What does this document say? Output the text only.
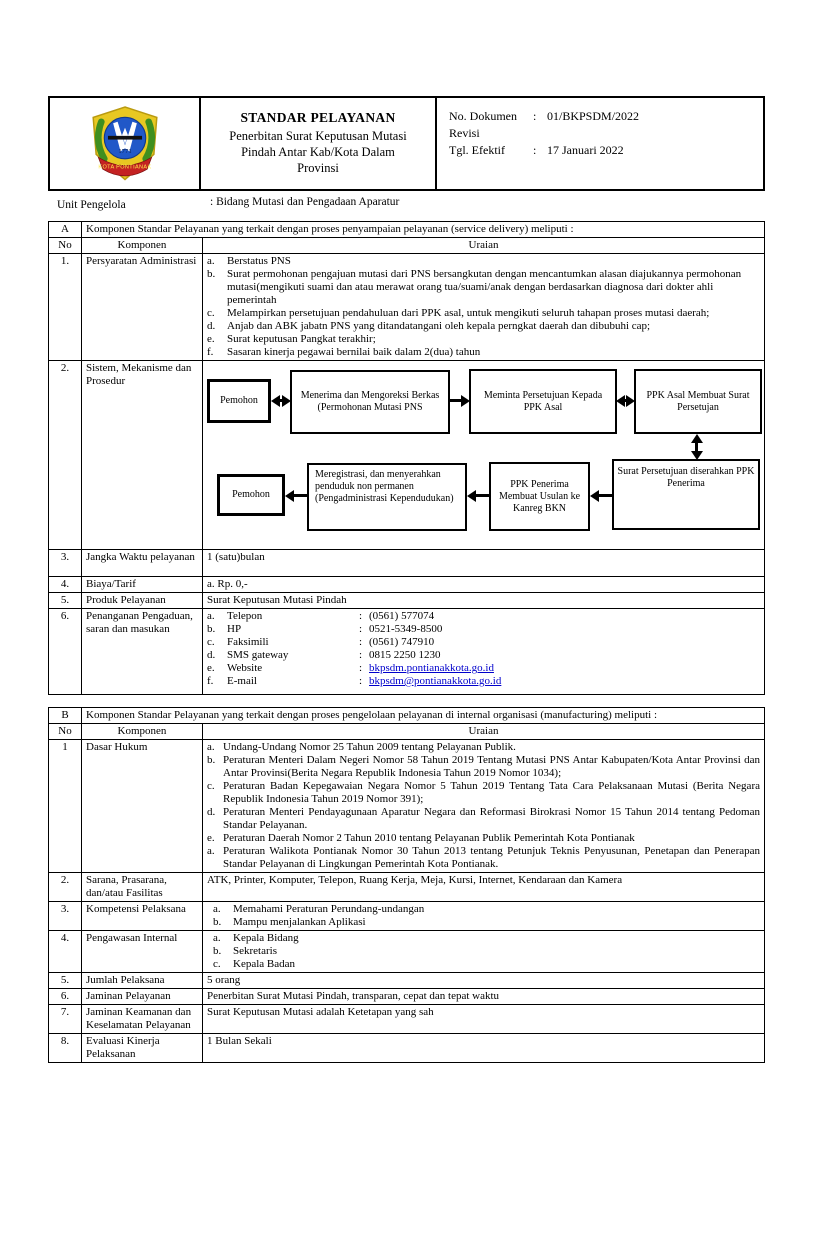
1771
KOTA PONTIANAK
STANDAR PELAYANAN
Penerbitan Surat Keputusan Mutasi Pindah Antar Kab/Kota Dalam Provinsi
No. Dokumen : 01/BKPSDM/2022
Revisi
Tgl. Efektif : 17 Januari 2022
Unit Pengelola	: Bidang Mutasi dan Pengadaan Aparatur
A	Komponen Standar Pelayanan yang terkait dengan proses penyampaian pelayanan (service delivery) meliputi :	
No	Komponen	Uraian
1.	Persyaratan Administrasi	a.	Berstatus PNS
b.	Surat permohonan pengajuan mutasi dari PNS bersangkutan dengan mencantumkan alasan diajukannya permohonan mutasi(mengikuti suami dan atau merawat orang tua/suami/anak dengan berdasarkan diagnosa dari dokter ahli pemerintah
c.	Melampirkan persetujuan pendahuluan dari PPK asal, untuk mengikuti seluruh tahapan proses mutasi daerah;
d.	Anjab dan ABK jabatn PNS yang ditandatangani oleh kepala perngkat daerah dan dibubuhi cap;
e.	Surat keputusan Pangkat terakhir;
f.	Sasaran kinerja pegawai bernilai baik dalam 2(dua) tahun

2.	Sistem, Mekanisme dan Prosedur	
Pemohon	Menerima dan Mengoreksi Berkas (Permohonan Mutasi PNS
Meminta Persetujuan Kepada PPK Asal
PPK Asal Membuat Surat Persetujan
Surat Persetujuan diserahkan PPK Penerima
PPK Penerima Membuat Usulan ke Kanreg BKN
Meregistrasi, dan menyerahkan penduduk non permanen (Pengadministrasi Kependudukan)
Pemohon

3.	Jangka Waktu pelayanan	1 (satu)bulan
4.	Biaya/Tarif	a. Rp. 0,-
5.	Produk Pelayanan	Surat Keputusan Mutasi Pindah
6.	Penanganan Pengaduan, saran dan masukan	
a.	Telepon	: (0561) 577074
b.	HP	: 0521-5349-8500
c.	Faksimili	: (0561) 747910
d.	SMS gateway	: 0815 2250 1230
e.	Website	: bkpsdm.pontianakkota.go.id
f.	E-mail	: bkpsdm@pontianakkota.go.id
B	Komponen Standar Pelayanan yang terkait dengan proses pengelolaan pelayanan di internal organisasi (manufacturing) meliputi :	
No	Komponen	Uraian
1	Dasar Hukum	a. Undang-Undang Nomor 25 Tahun 2009 tentang Pelayanan Publik.
b. Peraturan Menteri Dalam Negeri Nomor 58 Tahun 2019 Tentang Mutasi PNS Antar Kabupaten/Kota Antar Provinsi dan Antar Provinsi(Berita Negara Republik Indonesia Tahun 2019 Nomor 1034);
c. Peraturan Badan Kepegawaian Negara Nomor 5 Tahun 2019 Tentang Tata Cara Pelaksanaan Mutasi (Berita Negara Republik Indonesia Tahun 2019 Nomor 391);
d. Peraturan Menteri Pendayagunaan Aparatur Negara dan Reformasi Birokrasi Nomor 15 Tahun 2014 tentang Pedoman Standar Pelayanan.
e. Peraturan Daerah Nomor 2 Tahun 2010 tentang Pelayanan Publik Pemerintah Kota Pontianak
a. Peraturan Walikota Pontianak Nomor 30 Tahun 2013 tentang Petunjuk Teknis Penyusunan, Penetapan dan Penerapan Standar Pelayanan di Lingkungan Pemerintah Kota Pontianak.

2.	Sarana, Prasarana, dan/atau Fasilitas	ATK, Printer, Komputer, Telepon, Ruang Kerja, Meja, Kursi, Internet, Kendaraan dan Kamera
3.	Kompetensi Pelaksana	a. Memahami Peraturan Perundang-undangan
b. Mampu menjalankan Aplikasi

4.	Pengawasan Internal	a.	Kepala Bidang
b.	Sekretaris
c.	Kepala Badan

5.	Jumlah Pelaksana	5 orang
6.	Jaminan Pelayanan	Penerbitan Surat Mutasi Pindah, transparan, cepat dan tepat waktu
7.	Jaminan Keamanan dan Keselamatan Pelayanan	Surat Keputusan Mutasi adalah Ketetapan yang sah
8.	Evaluasi Kinerja Pelaksanan	1 Bulan Sekali
